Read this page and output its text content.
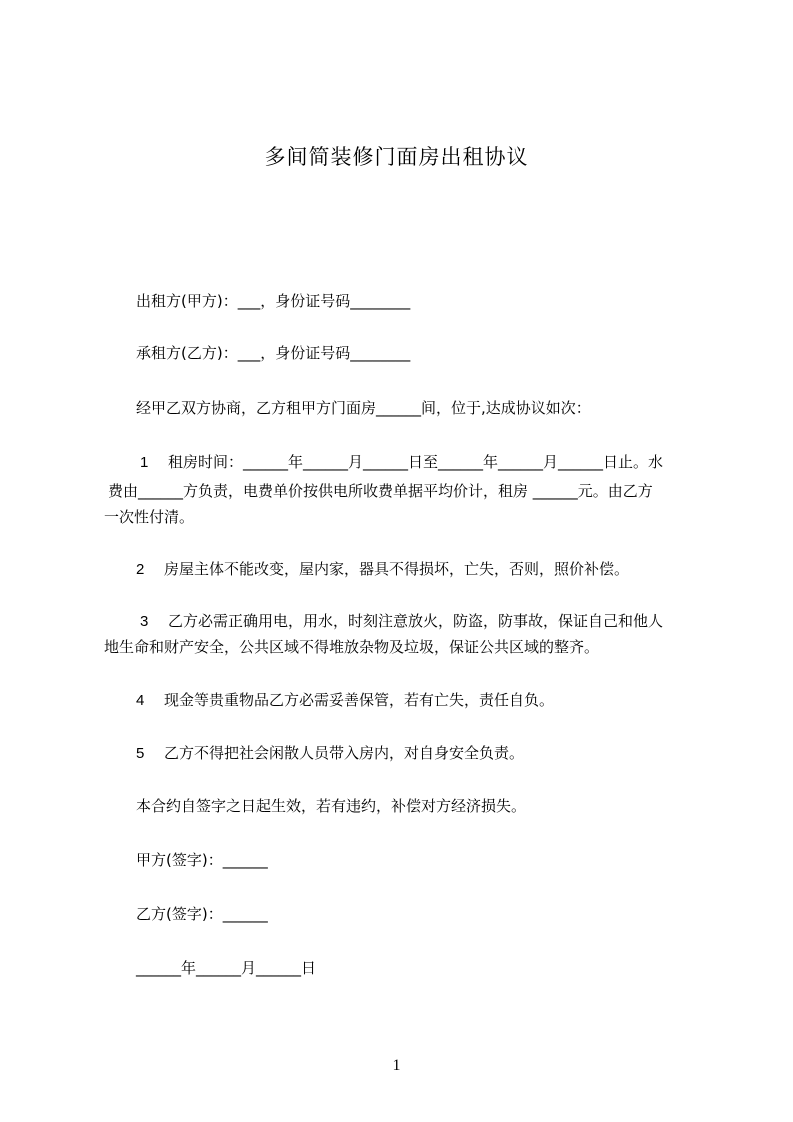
多间简装修门面房出租协议
出租方(甲方)：___，身份证号码________
承租方(乙方)：___，身份证号码________
经甲乙双方协商，乙方租甲方门面房______间，位于,达成协议如次：
1 租房时间：______年______月______日至______年______月______日止。水
费由______方负责，电费单价按供电所收费单据平均价计，租房 ______元。由乙方
一次性付清。
2 房屋主体不能改变，屋内家，器具不得损坏，亡失，否则，照价补偿。
3 乙方必需正确用电，用水，时刻注意放火，防盗，防事故，保证自己和他人
地生命和财产安全，公共区域不得堆放杂物及垃圾，保证公共区域的整齐。
4 现金等贵重物品乙方必需妥善保管，若有亡失，责任自负。
5 乙方不得把社会闲散人员带入房内，对自身安全负责。
本合约自签字之日起生效，若有违约，补偿对方经济损失。
甲方(签字)：______
乙方(签字)：______
______年______月______日
1
